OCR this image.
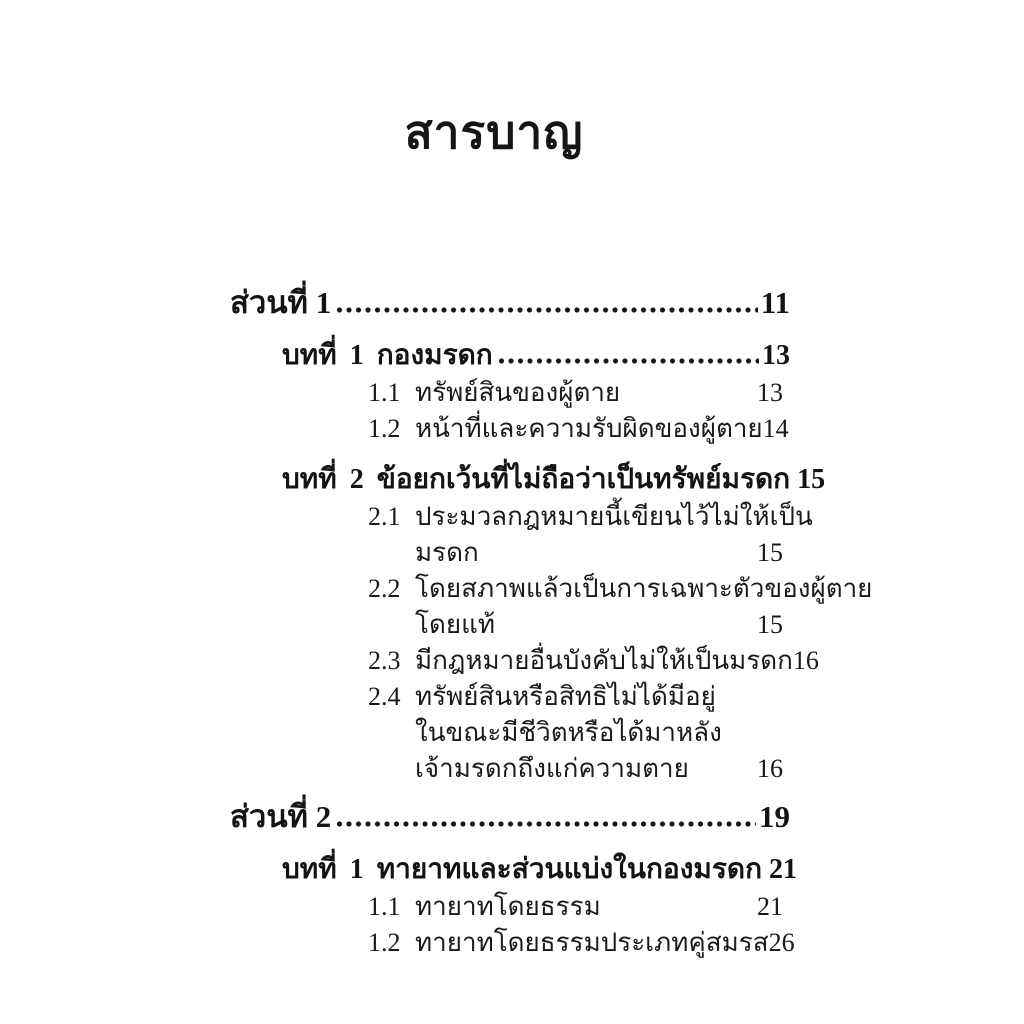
สารบาญ
ส่วนที่ 1	11
บทที่ 1 กองมรดก	13
1.1 ทรัพย์สินของผู้ตาย	13
1.2 หน้าที่และความรับผิดของผู้ตาย 14
บทที่ 2 ข้อยกเว้นที่ไม่ถือว่าเป็นทรัพย์มรดก 15
2.1 ประมวลกฎหมายนี้เขียนไว้ไม่ให้เป็น
มรดก	15
2.2 โดยสภาพแล้วเป็นการเฉพาะตัวของผู้ตาย
โดยแท้	15
2.3 มีกฎหมายอื่นบังคับไม่ให้เป็นมรดก 16
2.4 ทรัพย์สินหรือสิทธิไม่ได้มีอยู่
ในขณะมีชีวิตหรือได้มาหลัง
เจ้ามรดกถึงแก่ความตาย	16
ส่วนที่ 2	19
บทที่ 1 ทายาทและส่วนแบ่งในกองมรดก 21
1.1 ทายาทโดยธรรม	21
1.2 ทายาทโดยธรรมประเภทคู่สมรส 26
